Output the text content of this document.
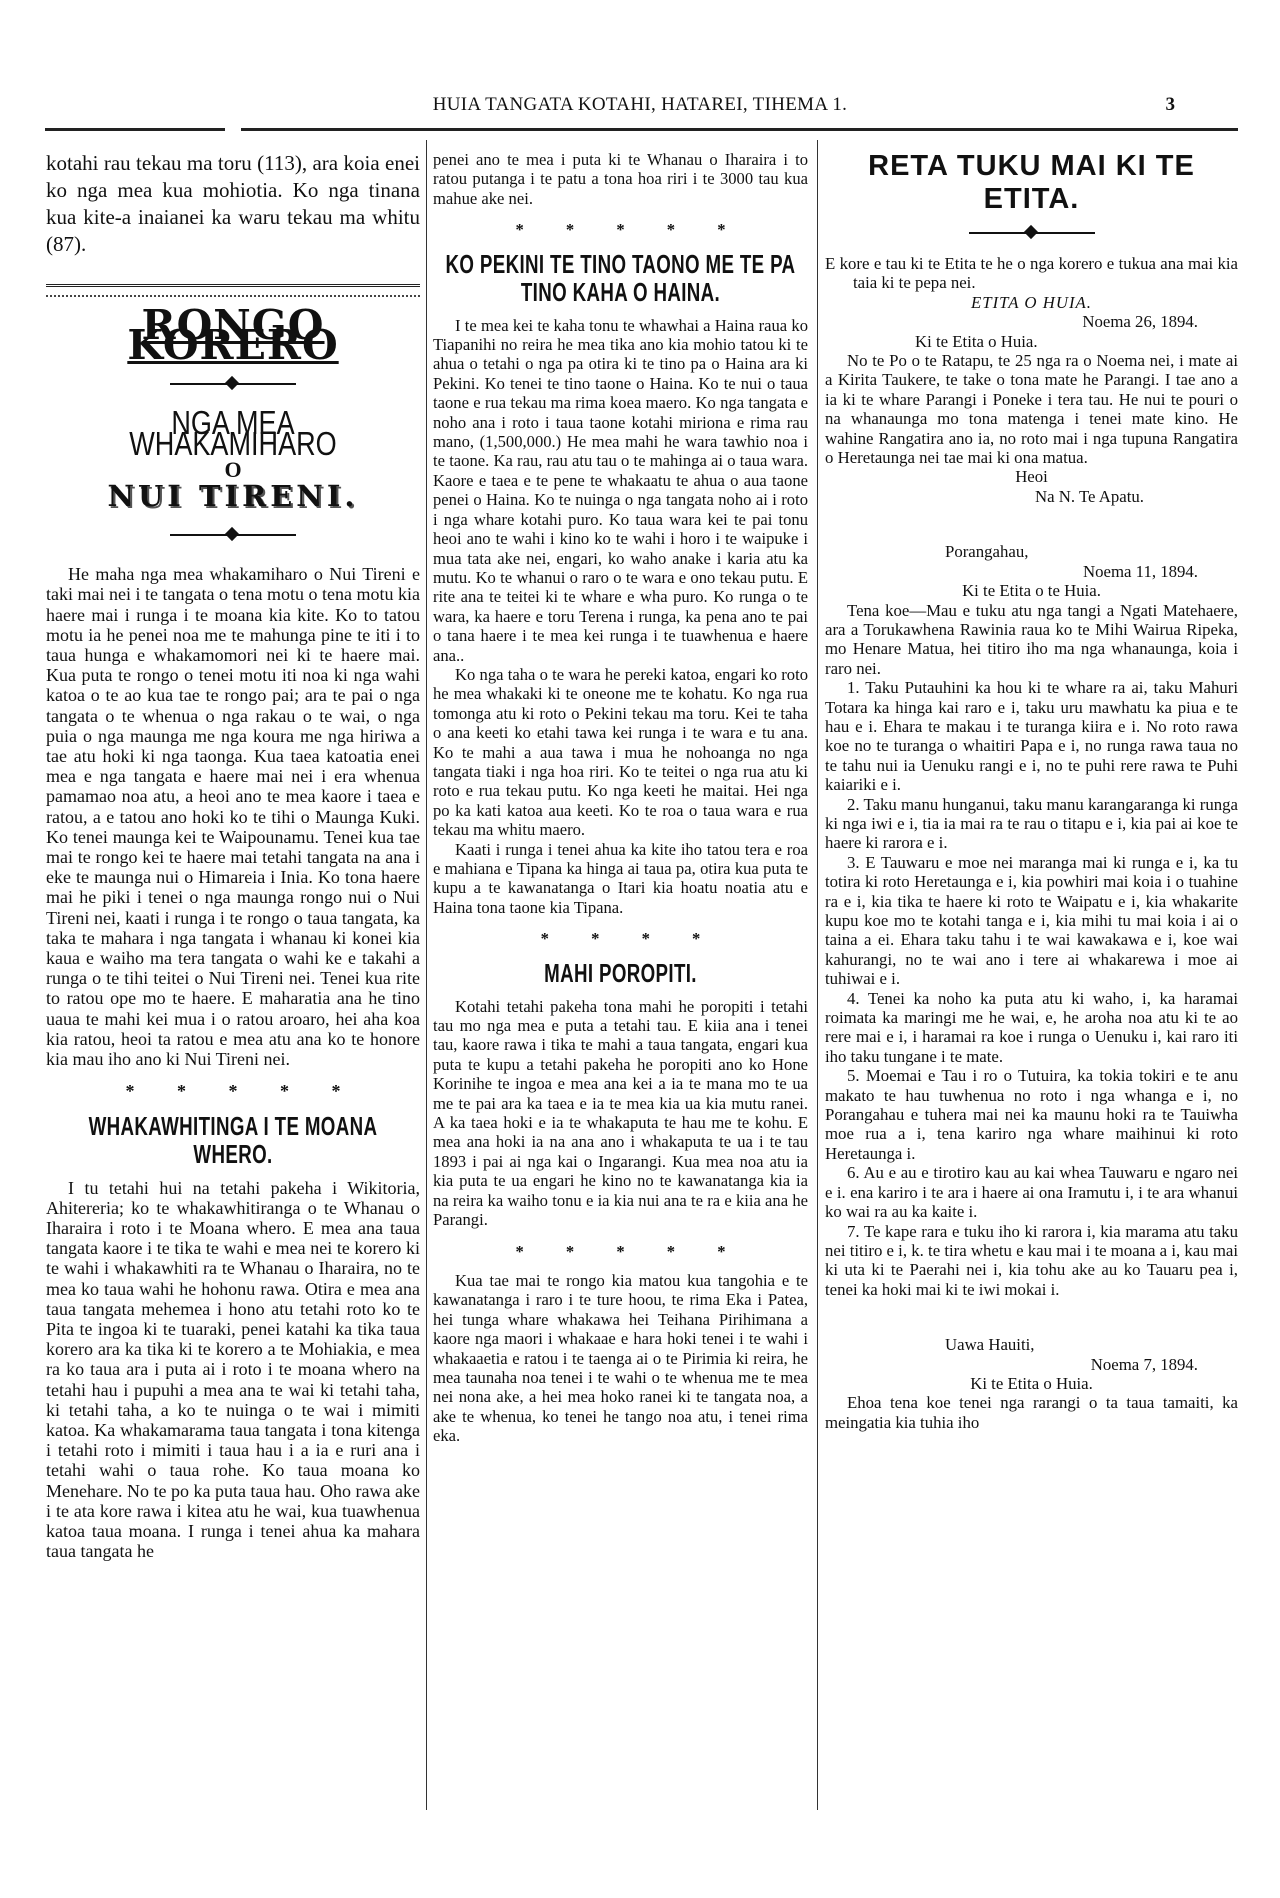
HUIA TANGATA KOTAHI, HATAREI, TIHEMA 1.	3

kotahi rau tekau ma toru (113), ara koia enei ko nga mea kua mohiotia. Ko nga tinana kua kite-a inaianei ka waru tekau ma whitu (87).

RONGO KORERO
NGA MEA WHAKAMIHARO
O
NUI TIRENI.

He maha nga mea whakamiharo o Nui Tireni e taki mai nei i te tangata o tena motu o tena motu kia haere mai i runga i te moana kia kite. Ko to tatou motu ia he penei noa me te mahunga pine te iti i to taua hunga e whakamomori nei ki te haere mai. Kua puta te rongo o tenei motu iti noa ki nga wahi katoa o te ao kua tae te rongo pai; ara te pai o nga tangata o te whenua o nga rakau o te wai, o nga puia o nga maunga me nga koura me nga hiriwa a tae atu hoki ki nga taonga. Kua taea katoatia enei mea e nga tangata e haere mai nei i era whenua pamamao noa atu, a heoi ano te mea kaore i taea e ratou, a e tatou ano hoki ko te tihi o Maunga Kuki. Ko tenei maunga kei te Waipounamu. Tenei kua tae mai te rongo kei te haere mai tetahi tangata na ana i eke te maunga nui o Himareia i Inia. Ko tona haere mai he piki i tenei o nga maunga rongo nui o Nui Tireni nei, kaati i runga i te rongo o taua tangata, ka taka te mahara i nga tangata i whanau ki konei kia kaua e waiho ma tera tangata o wahi ke e takahi a runga o te tihi teitei o Nui Tireni nei. Tenei kua rite to ratou ope mo te haere. E maharatia ana he tino uaua te mahi kei mua i o ratou aroaro, hei aha koa kia ratou, heoi ta ratou e mea atu ana ko te honore kia mau iho ano ki Nui Tireni nei.

* * * * *
WHAKAWHITINGA I TE MOANA WHERO.

I tu tetahi hui na tetahi pakeha i Wikitoria, Ahitereria; ko te whakawhitiranga o te Whanau o Iharaira i roto i te Moana whero. E mea ana taua tangata kaore i te tika te wahi e mea nei te korero ki te wahi i whakawhiti ra te Whanau o Iharaira, no te mea ko taua wahi he hohonu rawa. Otira e mea ana taua tangata mehemea i hono atu tetahi roto ko te Pita te ingoa ki te tuaraki, penei katahi ka tika taua korero ara ka tika ki te korero a te Mohiakia, e mea ra ko taua ara i puta ai i roto i te moana whero na tetahi hau i pupuhi a mea ana te wai ki tetahi taha, ki tetahi taha, a ko te nuinga o te wai i mimiti katoa. Ka whakamarama taua tangata i tona kitenga i tetahi roto i mimiti i taua hau i a ia e ruri ana i tetahi wahi o taua rohe. Ko taua moana ko Menehare. No te po ka puta taua hau. Oho rawa ake i te ata kore rawa i kitea atu he wai, kua tuawhenua katoa taua moana. I runga i tenei ahua ka mahara taua tangata he

penei ano te mea i puta ki te Whanau o Iharaira i to ratou putanga i te patu a tona hoa riri i te 3000 tau kua mahue ake nei.

* * * * *
KO PEKINI TE TINO TAONO ME TE PA TINO KAHA O HAINA.

I te mea kei te kaha tonu te whawhai a Haina raua ko Tiapanihi no reira he mea tika ano kia mohio tatou ki te ahua o tetahi o nga pa otira ki te tino pa o Haina ara ki Pekini. Ko tenei te tino taone o Haina. Ko te nui o taua taone e rua tekau ma rima koea maero. Ko nga tangata e noho ana i roto i taua taone kotahi miriona e rima rau mano, (1,500,000.) He mea mahi he wara tawhio noa i te taone. Ka rau, rau atu tau o te mahinga ai o taua wara. Kaore e taea e te pene te whakaatu te ahua o aua taone penei o Haina. Ko te nuinga o nga tangata noho ai i roto i nga whare kotahi puro. Ko taua wara kei te pai tonu heoi ano te wahi i kino ko te wahi i horo i te waipuke i mua tata ake nei, engari, ko waho anake i karia atu ka mutu. Ko te whanui o raro o te wara e ono tekau putu. E rite ana te teitei ki te whare e wha puro. Ko runga o te wara, ka haere e toru Terena i runga, ka pena ano te pai o tana haere i te mea kei runga i te tuawhenua e haere ana..

Ko nga taha o te wara he pereki katoa, engari ko roto he mea whakaki ki te oneone me te kohatu. Ko nga rua tomonga atu ki roto o Pekini tekau ma toru. Kei te taha o ana keeti ko etahi tawa kei runga i te wara e tu ana. Ko te mahi a aua tawa i mua he nohoanga no nga tangata tiaki i nga hoa riri. Ko te teitei o nga rua atu ki roto e rua tekau putu. Ko nga keeti he maitai. Hei nga po ka kati katoa aua keeti. Ko te roa o taua wara e rua tekau ma whitu maero.

Kaati i runga i tenei ahua ka kite iho tatou tera e roa e mahiana e Tipana ka hinga ai taua pa, otira kua puta te kupu a te kawanatanga o Itari kia hoatu noatia atu e Haina tona taone kia Tipana.

* * * *
MAHI POROPITI.

Kotahi tetahi pakeha tona mahi he poropiti i tetahi tau mo nga mea e puta a tetahi tau. E kiia ana i tenei tau, kaore rawa i tika te mahi a taua tangata, engari kua puta te kupu a tetahi pakeha he poropiti ano ko Hone Korinihe te ingoa e mea ana kei a ia te mana mo te ua me te pai ara ka taea e ia te mea kia ua kia mutu ranei. A ka taea hoki e ia te whakaputa te hau me te kohu. E mea ana hoki ia na ana ano i whakaputa te ua i te tau 1893 i pai ai nga kai o Ingarangi. Kua mea noa atu ia kia puta te ua engari he kino no te kawanatanga kia ia na reira ka waiho tonu e ia kia nui ana te ra e kiia ana he Parangi.

* * * * *

Kua tae mai te rongo kia matou kua tangohia e te kawanatanga i raro i te ture hoou, te rima Eka i Patea, hei tunga whare whakawa hei Teihana Pirihimana a kaore nga maori i whakaae e hara hoki tenei i te wahi i whakaaetia e ratou i te taenga ai o te Pirimia ki reira, he mea taunaha noa tenei i te wahi o te whenua me te mea nei nona ake, a hei mea hoko ranei ki te tangata noa, a ake te whenua, ko tenei he tango noa atu, i tenei rima eka.

RETA TUKU MAI KI TE ETITA.

E kore e tau ki te Etita te he o nga korero e tukua ana mai kia taia ki te pepa nei.

ETITA O HUIA.

Noema 26, 1894.

Ki te Etita o Huia.

No te Po o te Ratapu, te 25 nga ra o Noema nei, i mate ai a Kirita Taukere, te take o tona mate he Parangi. I tae ano a ia ki te whare Parangi i Poneke i tera tau. He nui te pouri o na whanaunga mo tona matenga i tenei mate kino. He wahine Rangatira ano ia, no roto mai i nga tupuna Rangatira o Heretaunga nei tae mai ki ona matua.

Heoi

Na N. Te Apatu.

Porangahau,

Noema 11, 1894.

Ki te Etita o te Huia.

Tena koe—Mau e tuku atu nga tangi a Ngati Matehaere, ara a Torukawhena Rawinia raua ko te Mihi Wairua Ripeka, mo Henare Matua, hei titiro iho ma nga whanaunga, koia i raro nei.

1. Taku Putauhini ka hou ki te whare ra ai, taku Mahuri Totara ka hinga kai raro e i, taku uru mawhatu ka piua e te hau e i. Ehara te makau i te turanga kiira e i. No roto rawa koe no te turanga o whaitiri Papa e i, no runga rawa taua no te tahu nui ia Uenuku rangi e i, no te puhi rere rawa te Puhi kaiariki e i.

2. Taku manu hunganui, taku manu karangaranga ki runga ki nga iwi e i, tia ia mai ra te rau o titapu e i, kia pai ai koe te haere ki rarora e i.

3. E Tauwaru e moe nei maranga mai ki runga e i, ka tu totira ki roto Heretaunga e i, kia powhiri mai koia i o tuahine ra e i, kia tika te haere ki roto te Waipatu e i, kia whakarite kupu koe mo te kotahi tanga e i, kia mihi tu mai koia i ai o taina a ei. Ehara taku tahu i te wai kawakawa e i, koe wai kahurangi, no te wai ano i tere ai whakarewa i moe ai tuhiwai e i.

4. Tenei ka noho ka puta atu ki waho, i, ka haramai roimata ka maringi me he wai, e, he aroha noa atu ki te ao rere mai e i, i haramai ra koe i runga o Uenuku i, kai raro iti iho taku tungane i te mate.

5. Moemai e Tau i ro o Tutuira, ka tokia tokiri e te anu makato te hau tuwhenua no roto i nga whanga e i, no Porangahau e tuhera mai nei ka maunu hoki ra te Tauiwha moe rua a i, tena kariro nga whare maihinui ki roto Heretaunga i.

6. Au e au e tirotiro kau au kai whea Tauwaru e ngaro nei e i. ena kariro i te ara i haere ai ona Iramutu i, i te ara whanui ko wai ra au ka kaite i.

7. Te kape rara e tuku iho ki rarora i, kia marama atu taku nei titiro e i, k. te tira whetu e kau mai i te moana a i, kau mai ki uta ki te Paerahi nei i, kia tohu ake au ko Tauaru pea i, tenei ka hoki mai ki te iwi mokai i.

Uawa Hauiti,

Noema 7, 1894.

Ki te Etita o Huia.

Ehoa tena koe tenei nga rarangi o ta taua tamaiti, ka meingatia kia tuhia iho
